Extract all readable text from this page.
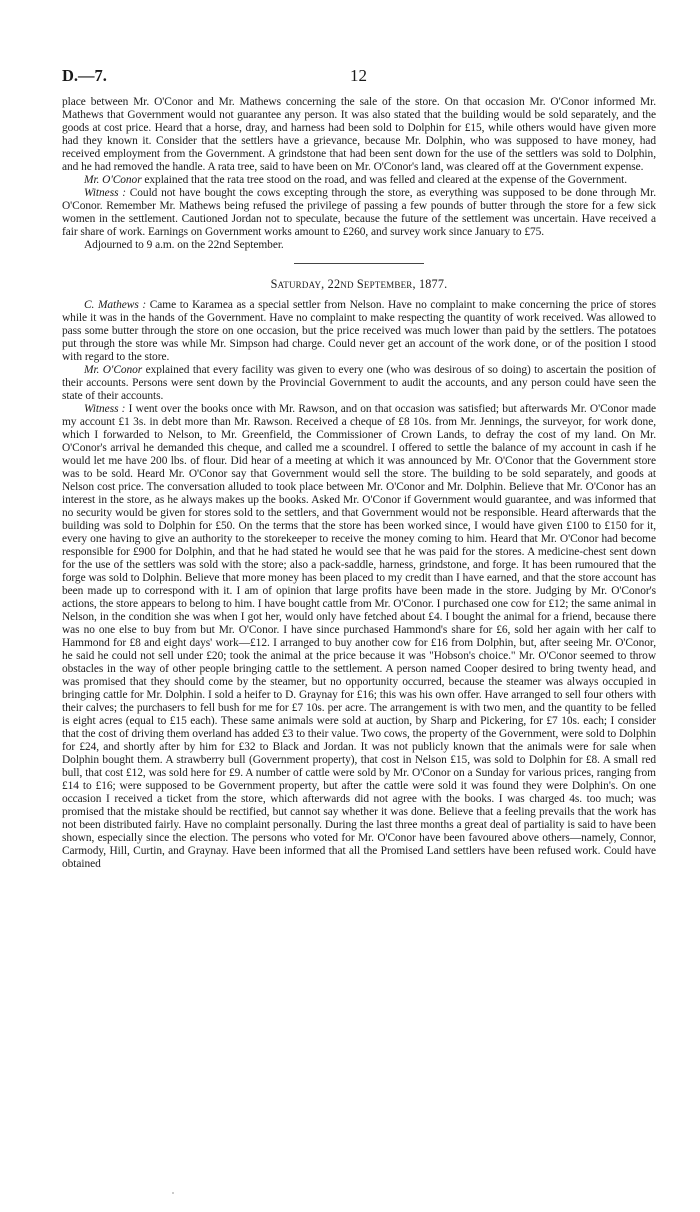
D.—7.	12

place between Mr. O'Conor and Mr. Mathews concerning the sale of the store. On that occasion Mr. O'Conor informed Mr. Mathews that Government would not guarantee any person. It was also stated that the building would be sold separately, and the goods at cost price. Heard that a horse, dray, and harness had been sold to Dolphin for £15, while others would have given more had they known it. Consider that the settlers have a grievance, because Mr. Dolphin, who was supposed to have money, had received employment from the Government. A grindstone that had been sent down for the use of the settlers was sold to Dolphin, and he had removed the handle. A rata tree, said to have been on Mr. O'Conor's land, was cleared off at the Government expense.

Mr. O'Conor explained that the rata tree stood on the road, and was felled and cleared at the expense of the Government.

Witness : Could not have bought the cows excepting through the store, as everything was supposed to be done through Mr. O'Conor. Remember Mr. Mathews being refused the privilege of passing a few pounds of butter through the store for a few sick women in the settlement. Cautioned Jordan not to speculate, because the future of the settlement was uncertain. Have received a fair share of work. Earnings on Government works amount to £260, and survey work since January to £75.

Adjourned to 9 a.m. on the 22nd September.

Saturday, 22nd September, 1877.

C. Mathews : Came to Karamea as a special settler from Nelson. Have no complaint to make concerning the price of stores while it was in the hands of the Government. Have no complaint to make respecting the quantity of work received. Was allowed to pass some butter through the store on one occasion, but the price received was much lower than paid by the settlers. The potatoes put through the store was while Mr. Simpson had charge. Could never get an account of the work done, or of the position I stood with regard to the store.

Mr. O'Conor explained that every facility was given to every one (who was desirous of so doing) to ascertain the position of their accounts. Persons were sent down by the Provincial Government to audit the accounts, and any person could have seen the state of their accounts.

Witness : I went over the books once with Mr. Rawson, and on that occasion was satisfied; but afterwards Mr. O'Conor made my account £1 3s. in debt more than Mr. Rawson. Received a cheque of £8 10s. from Mr. Jennings, the surveyor, for work done, which I forwarded to Nelson, to Mr. Greenfield, the Commissioner of Crown Lands, to defray the cost of my land. On Mr. O'Conor's arrival he demanded this cheque, and called me a scoundrel. I offered to settle the balance of my account in cash if he would let me have 200 lbs. of flour. Did hear of a meeting at which it was announced by Mr. O'Conor that the Government store was to be sold. Heard Mr. O'Conor say that Government would sell the store. The building to be sold separately, and goods at Nelson cost price. The conversation alluded to took place between Mr. O'Conor and Mr. Dolphin. Believe that Mr. O'Conor has an interest in the store, as he always makes up the books. Asked Mr. O'Conor if Government would guarantee, and was informed that no security would be given for stores sold to the settlers, and that Government would not be responsible. Heard afterwards that the building was sold to Dolphin for £50. On the terms that the store has been worked since, I would have given £100 to £150 for it, every one having to give an authority to the storekeeper to receive the money coming to him. Heard that Mr. O'Conor had become responsible for £900 for Dolphin, and that he had stated he would see that he was paid for the stores. A medicine-chest sent down for the use of the settlers was sold with the store; also a pack-saddle, harness, grindstone, and forge. It has been rumoured that the forge was sold to Dolphin. Believe that more money has been placed to my credit than I have earned, and that the store account has been made up to correspond with it. I am of opinion that large profits have been made in the store. Judging by Mr. O'Conor's actions, the store appears to belong to him. I have bought cattle from Mr. O'Conor. I purchased one cow for £12; the same animal in Nelson, in the condition she was when I got her, would only have fetched about £4. I bought the animal for a friend, because there was no one else to buy from but Mr. O'Conor. I have since purchased Hammond's share for £6, sold her again with her calf to Hammond for £8 and eight days' work—£12. I arranged to buy another cow for £16 from Dolphin, but, after seeing Mr. O'Conor, he said he could not sell under £20; took the animal at the price because it was "Hobson's choice." Mr. O'Conor seemed to throw obstacles in the way of other people bringing cattle to the settlement. A person named Cooper desired to bring twenty head, and was promised that they should come by the steamer, but no opportunity occurred, because the steamer was always occupied in bringing cattle for Mr. Dolphin. I sold a heifer to D. Graynay for £16; this was his own offer. Have arranged to sell four others with their calves; the purchasers to fell bush for me for £7 10s. per acre. The arrangement is with two men, and the quantity to be felled is eight acres (equal to £15 each). These same animals were sold at auction, by Sharp and Pickering, for £7 10s. each; I consider that the cost of driving them overland has added £3 to their value. Two cows, the property of the Government, were sold to Dolphin for £24, and shortly after by him for £32 to Black and Jordan. It was not publicly known that the animals were for sale when Dolphin bought them. A strawberry bull (Government property), that cost in Nelson £15, was sold to Dolphin for £8. A small red bull, that cost £12, was sold here for £9. A number of cattle were sold by Mr. O'Conor on a Sunday for various prices, ranging from £14 to £16; were supposed to be Government property, but after the cattle were sold it was found they were Dolphin's. On one occasion I received a ticket from the store, which afterwards did not agree with the books. I was charged 4s. too much; was promised that the mistake should be rectified, but cannot say whether it was done. Believe that a feeling prevails that the work has not been distributed fairly. Have no complaint personally. During the last three months a great deal of partiality is said to have been shown, especially since the election. The persons who voted for Mr. O'Conor have been favoured above others—namely, Connor, Carmody, Hill, Curtin, and Graynay. Have been informed that all the Promised Land settlers have been refused work. Could have obtained
